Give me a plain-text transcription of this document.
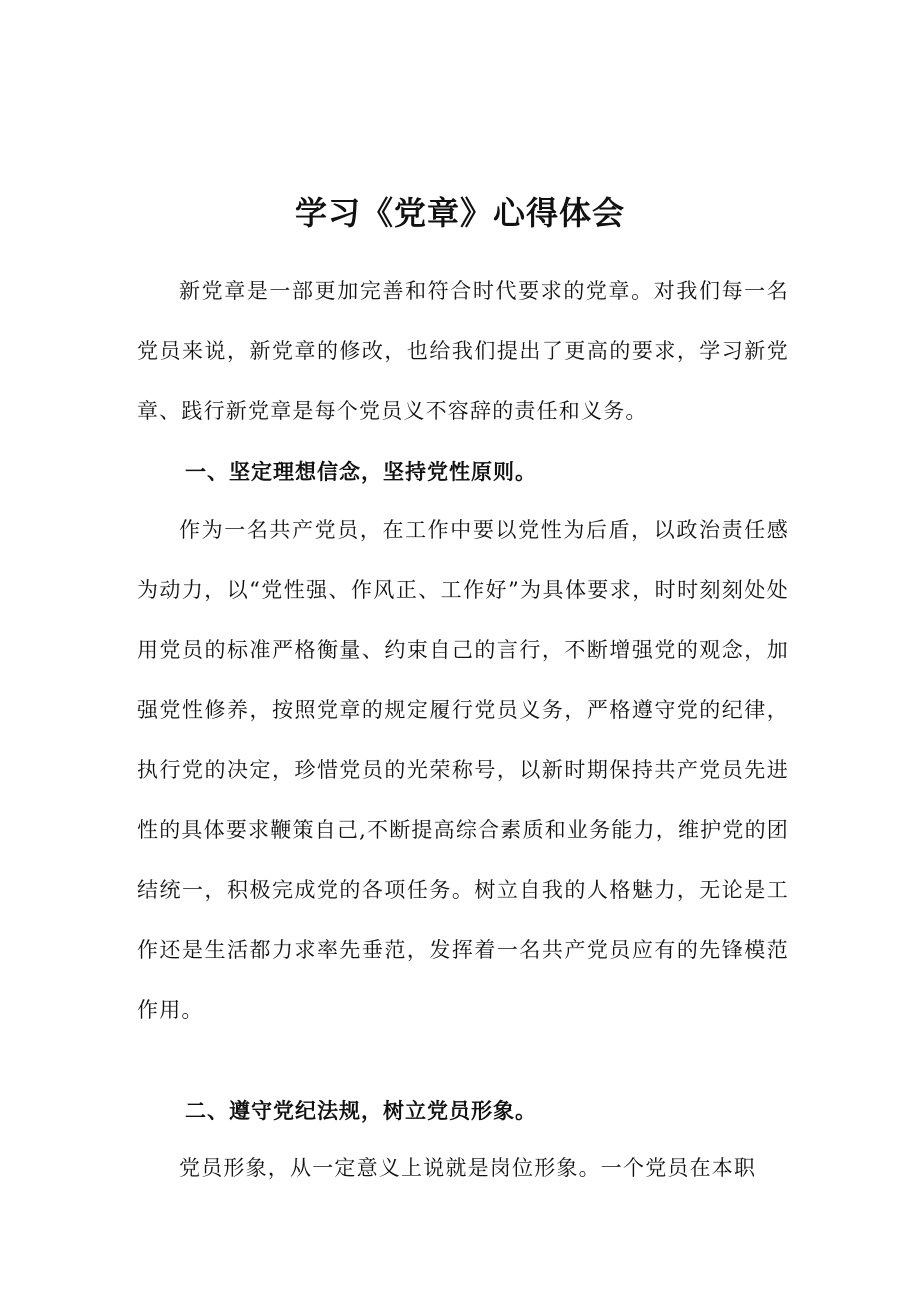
学习《党章》心得体会

新党章是一部更加完善和符合时代要求的党章。对我们每一名党员来说，新党章的修改，也给我们提出了更高的要求，学习新党章、践行新党章是每个党员义不容辞的责任和义务。

一、坚定理想信念，坚持党性原则。

作为一名共产党员，在工作中要以党性为后盾，以政治责任感为动力，以“党性强、作风正、工作好”为具体要求，时时刻刻处处用党员的标准严格衡量、约束自己的言行，不断增强党的观念，加强党性修养，按照党章的规定履行党员义务，严格遵守党的纪律，执行党的决定，珍惜党员的光荣称号，以新时期保持共产党员先进性的具体要求鞭策自己,不断提高综合素质和业务能力，维护党的团结统一，积极完成党的各项任务。树立自我的人格魅力，无论是工作还是生活都力求率先垂范，发挥着一名共产党员应有的先锋模范作用。

二、遵守党纪法规，树立党员形象。

党员形象，从一定意义上说就是岗位形象。一个党员在本职
